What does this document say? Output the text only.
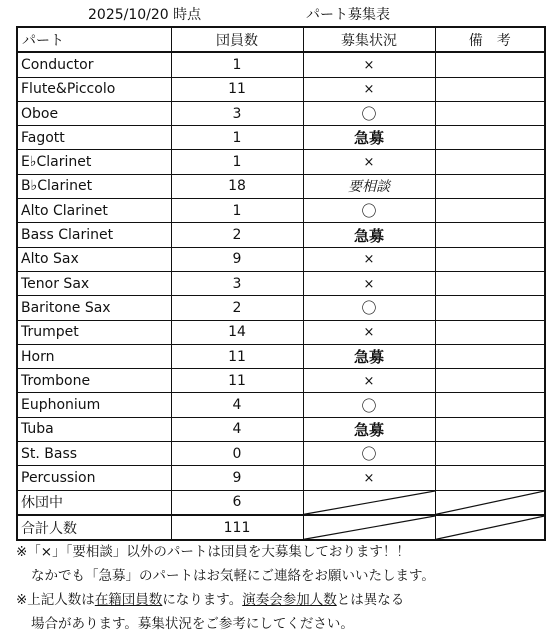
2025/10/20 時点	パート募集表
パート	団員数	募集状況	備　考
Conductor	1	×	
Flute&Piccolo	11	×	
Oboe	3	〇	
Fagott	1	急募	
E♭Clarinet	1	×	
B♭Clarinet	18	要相談	
Alto Clarinet	1	〇	
Bass Clarinet	2	急募	
Alto Sax	9	×	
Tenor Sax	3	×	
Baritone Sax	2	〇	
Trumpet	14	×	
Horn	11	急募	
Trombone	11	×	
Euphonium	4	〇	
Tuba	4	急募	
St. Bass	0	〇	
Percussion	9	×	
休団中	6	

合計人数	111	

※「×」「要相談」以外のパートは団員を大募集しております！！

なかでも「急募」のパートはお気軽にご連絡をお願いいたします。

※上記人数は在籍団員数になります。演奏会参加人数とは異なる

場合があります。募集状況をご参考にしてください。
